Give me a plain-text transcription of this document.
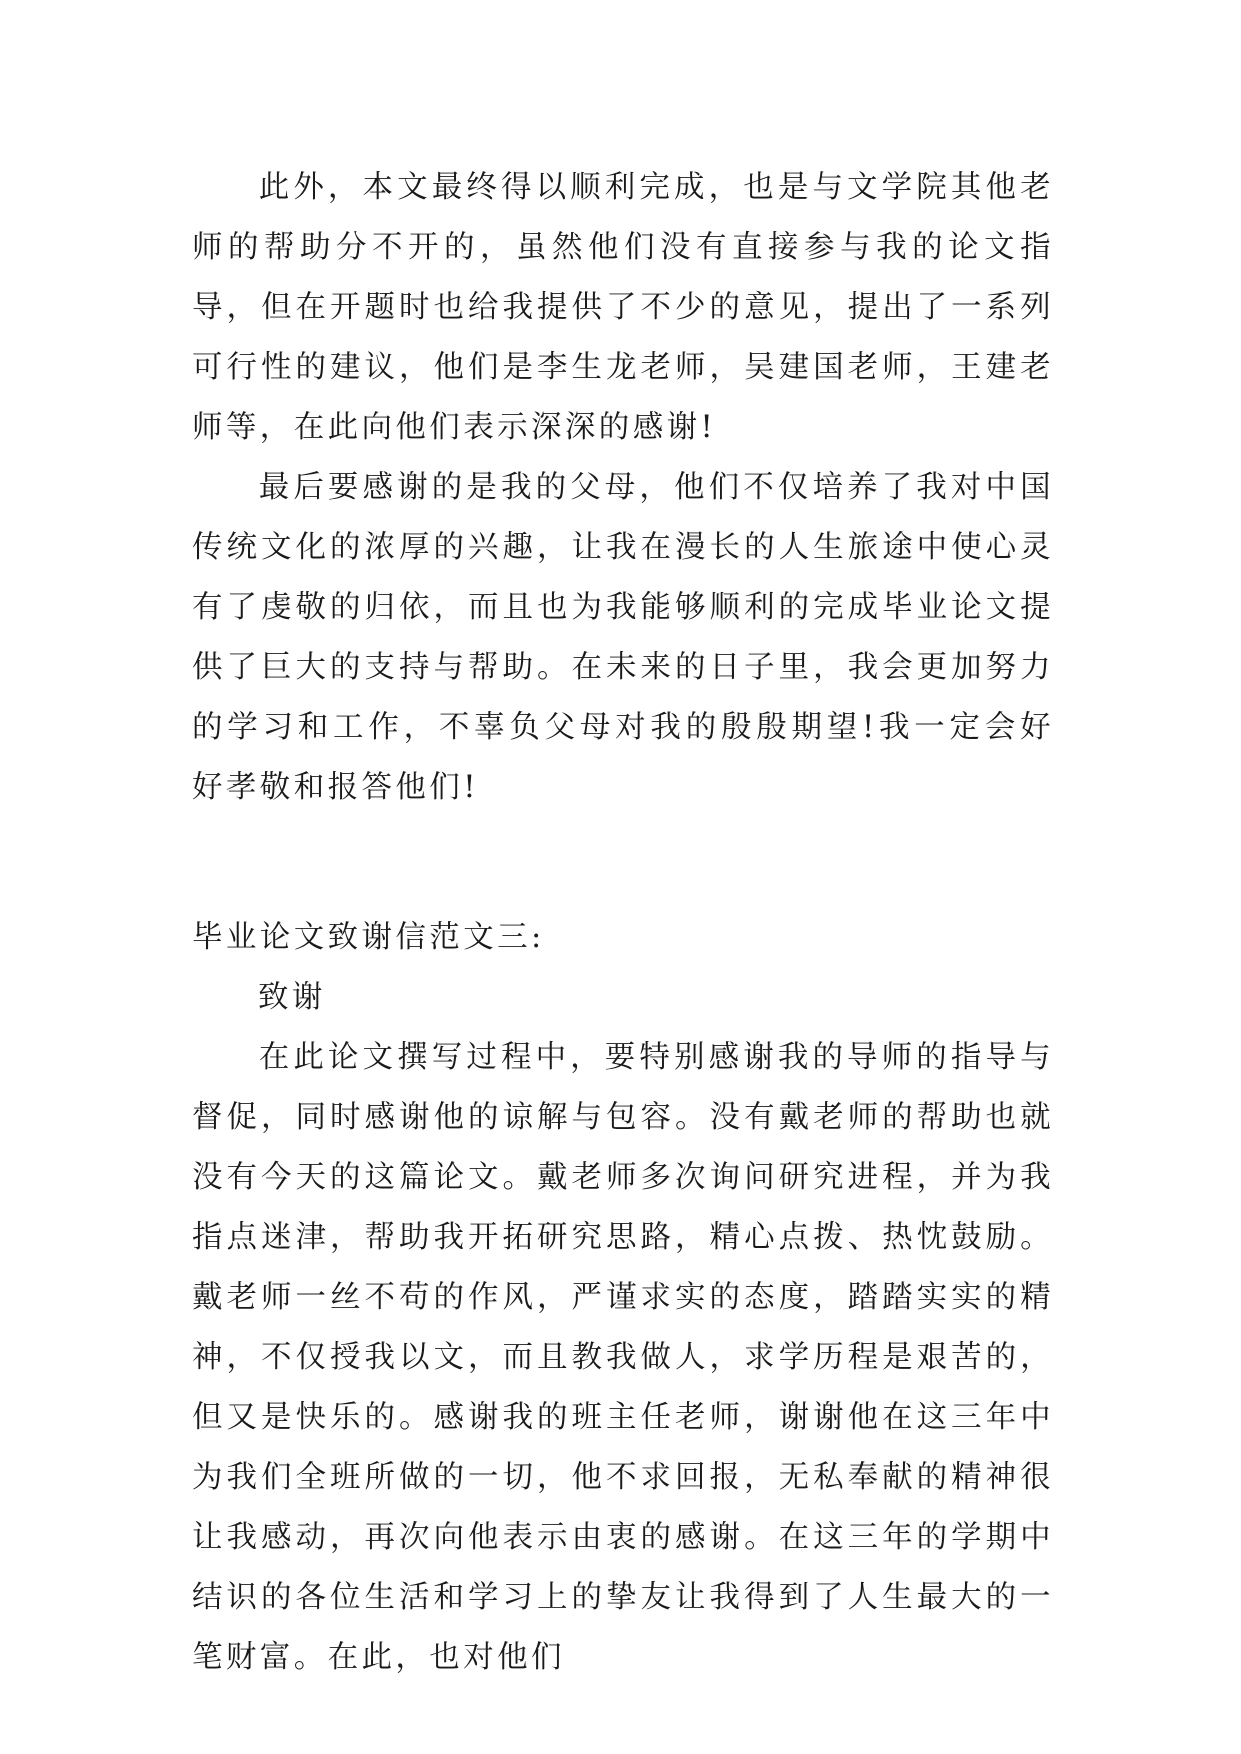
此外，本文最终得以顺利完成，也是与文学院其他老师的帮助分不开的，虽然他们没有直接参与我的论文指导，但在开题时也给我提供了不少的意见，提出了一系列可行性的建议，他们是李生龙老师，吴建国老师，王建老师等，在此向他们表示深深的感谢!

最后要感谢的是我的父母，他们不仅培养了我对中国传统文化的浓厚的兴趣，让我在漫长的人生旅途中使心灵有了虔敬的归依，而且也为我能够顺利的完成毕业论文提供了巨大的支持与帮助。在未来的日子里，我会更加努力的学习和工作，不辜负父母对我的殷殷期望!我一定会好好孝敬和报答他们!

毕业论文致谢信范文三:

致谢

在此论文撰写过程中，要特别感谢我的导师的指导与督促，同时感谢他的谅解与包容。没有戴老师的帮助也就没有今天的这篇论文。戴老师多次询问研究进程，并为我指点迷津，帮助我开拓研究思路，精心点拨、热忱鼓励。戴老师一丝不苟的作风，严谨求实的态度，踏踏实实的精神，不仅授我以文，而且教我做人，求学历程是艰苦的，但又是快乐的。感谢我的班主任老师，谢谢他在这三年中为我们全班所做的一切，他不求回报，无私奉献的精神很让我感动，再次向他表示由衷的感谢。在这三年的学期中结识的各位生活和学习上的挚友让我得到了人生最大的一笔财富。在此，也对他们
